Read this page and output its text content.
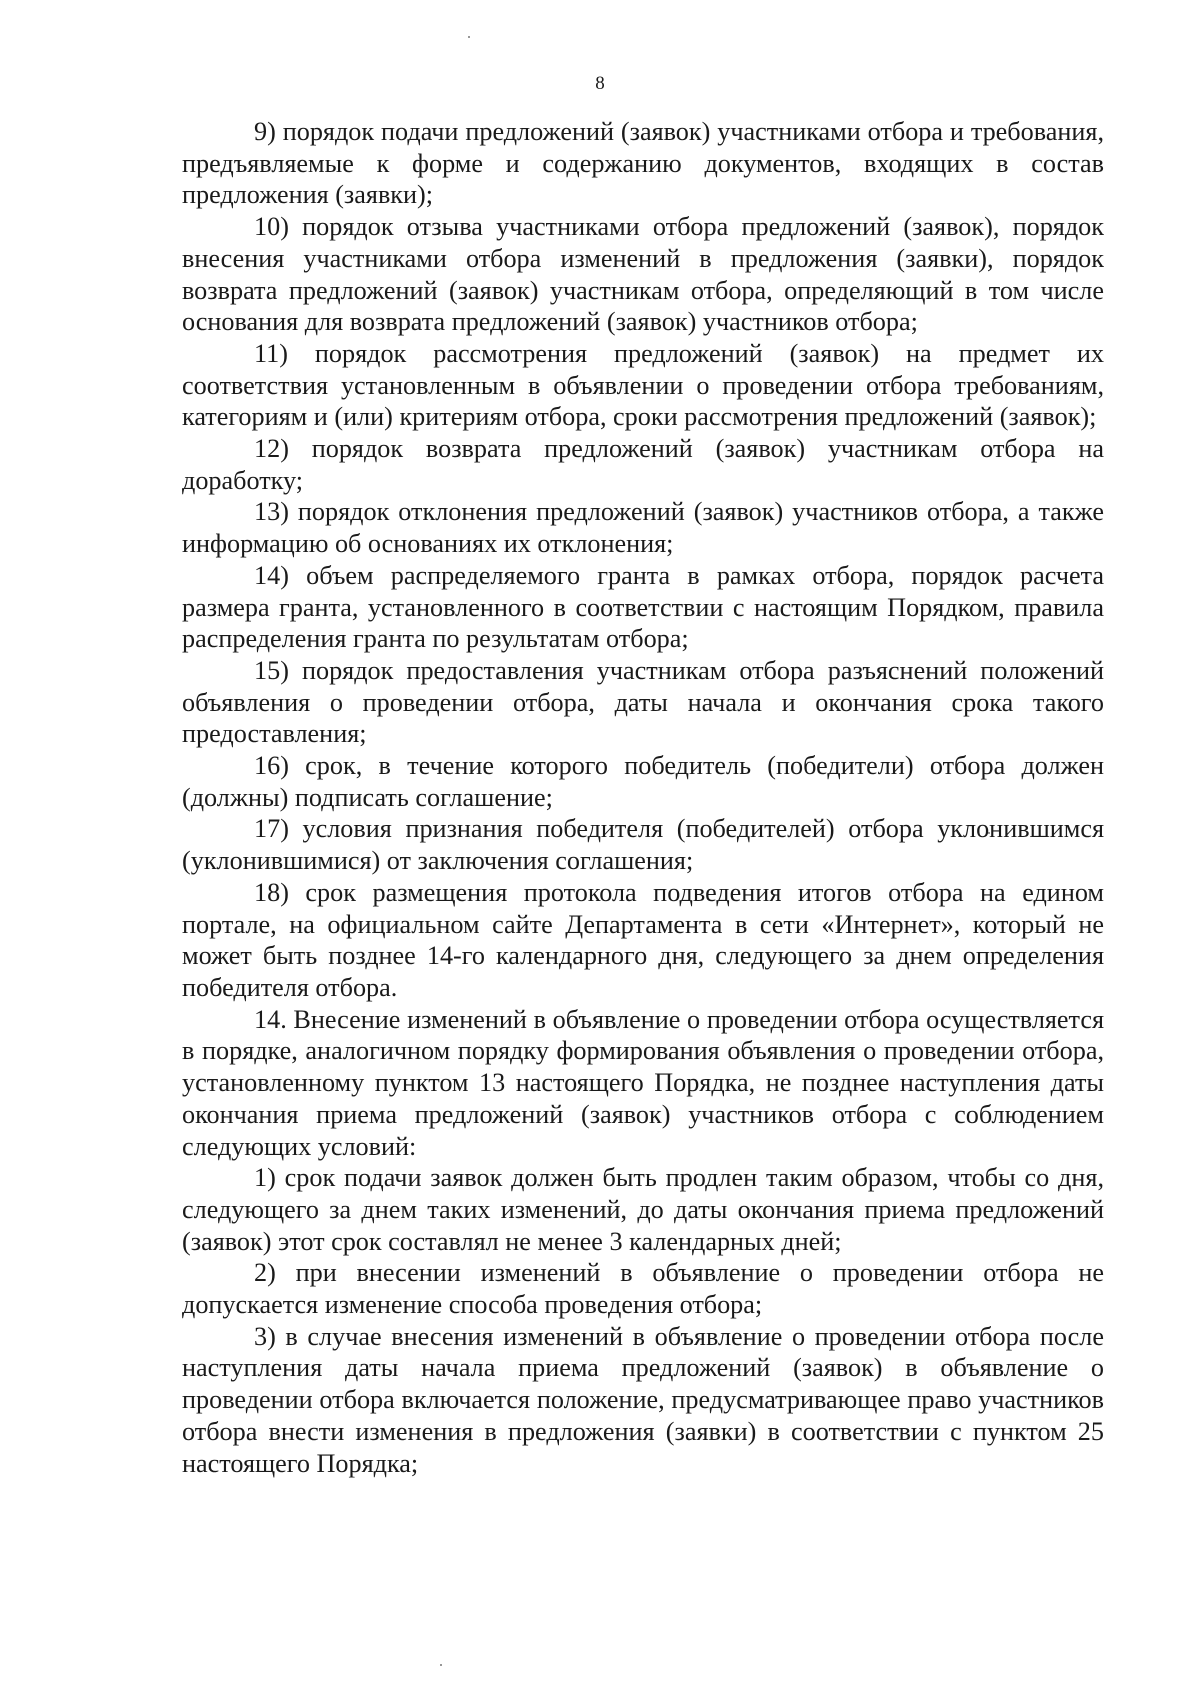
8

9) порядок подачи предложений (заявок) участниками отбора и требования, предъявляемые к форме и содержанию документов, входящих в состав предложения (заявки);

10) порядок отзыва участниками отбора предложений (заявок), порядок внесения участниками отбора изменений в предложения (заявки), порядок возврата предложений (заявок) участникам отбора, определяющий в том числе основания для возврата предложений (заявок) участников отбора;

11) порядок рассмотрения предложений (заявок) на предмет их соответствия установленным в объявлении о проведении отбора требованиям, категориям и (или) критериям отбора, сроки рассмотрения предложений (заявок);

12) порядок возврата предложений (заявок) участникам отбора на доработку;

13) порядок отклонения предложений (заявок) участников отбора, а также информацию об основаниях их отклонения;

14) объем распределяемого гранта в рамках отбора, порядок расчета размера гранта, установленного в соответствии с настоящим Порядком, правила распределения гранта по результатам отбора;

15) порядок предоставления участникам отбора разъяснений положений объявления о проведении отбора, даты начала и окончания срока такого предоставления;

16) срок, в течение которого победитель (победители) отбора должен (должны) подписать соглашение;

17) условия признания победителя (победителей) отбора уклонившимся (уклонившимися) от заключения соглашения;

18) срок размещения протокола подведения итогов отбора на едином портале, на официальном сайте Департамента в сети «Интернет», который не может быть позднее 14-го календарного дня, следующего за днем определения победителя отбора.

14. Внесение изменений в объявление о проведении отбора осуществляется в порядке, аналогичном порядку формирования объявления о проведении отбора, установленному пунктом 13 настоящего Порядка, не позднее наступления даты окончания приема предложений (заявок) участников отбора с соблюдением следующих условий:

1) срок подачи заявок должен быть продлен таким образом, чтобы со дня, следующего за днем таких изменений, до даты окончания приема предложений (заявок) этот срок составлял не менее 3 календарных дней;

2) при внесении изменений в объявление о проведении отбора не допускается изменение способа проведения отбора;

3) в случае внесения изменений в объявление о проведении отбора после наступления даты начала приема предложений (заявок) в объявление о проведении отбора включается положение, предусматривающее право участников отбора внести изменения в предложения (заявки) в соответствии с пунктом 25 настоящего Порядка;
